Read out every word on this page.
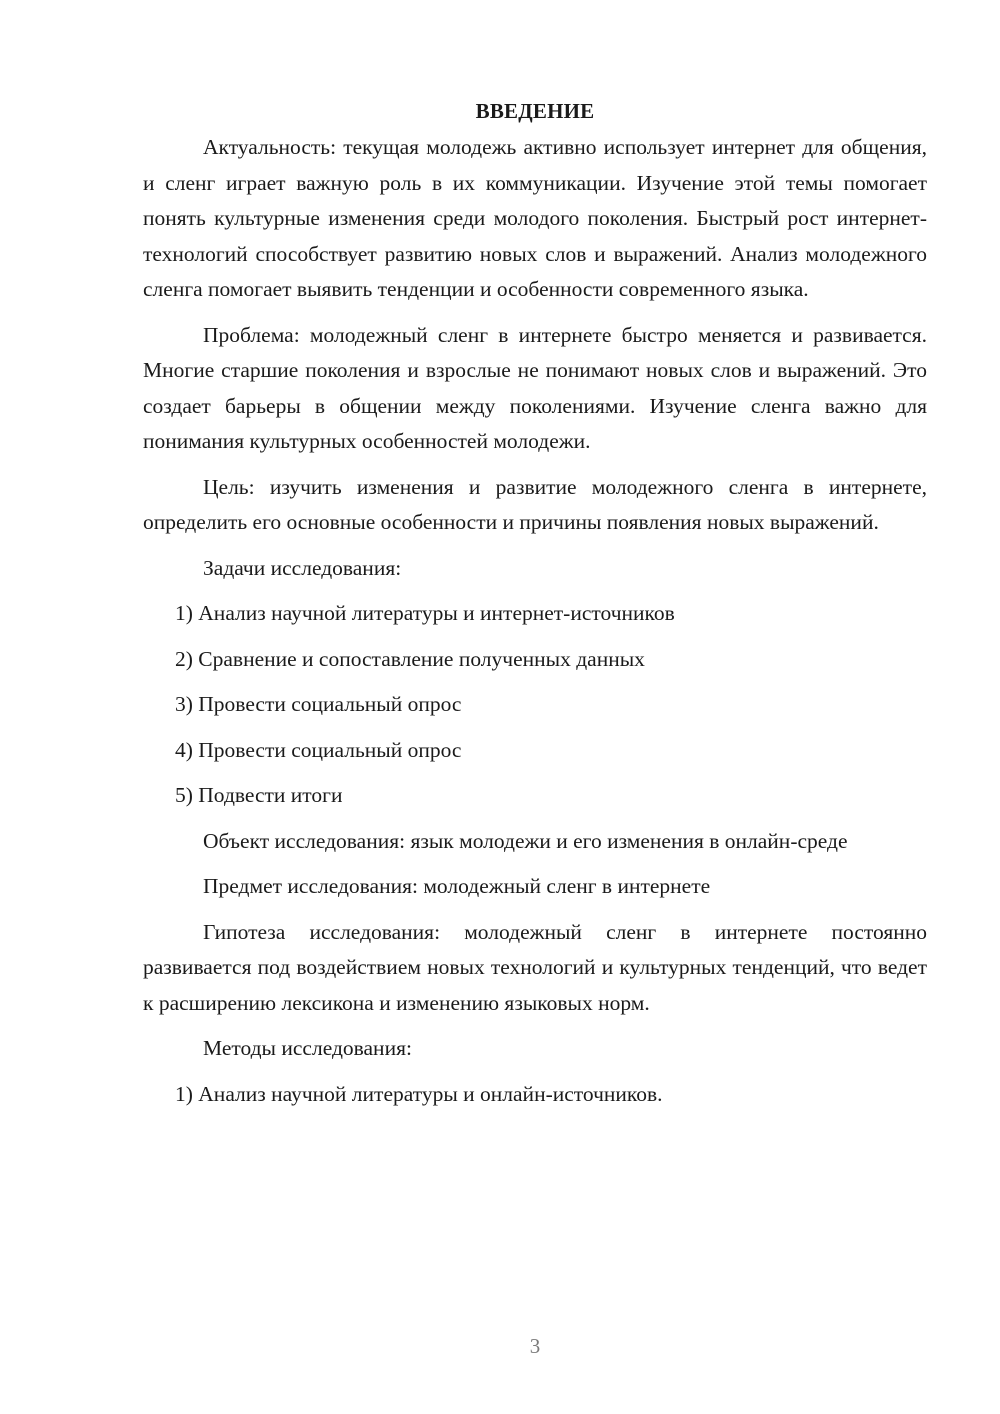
ВВЕДЕНИЕ

Актуальность: текущая молодежь активно использует интернет для общения, и сленг играет важную роль в их коммуникации. Изучение этой темы помогает понять культурные изменения среди молодого поколения. Быстрый рост интернет-технологий способствует развитию новых слов и выражений. Анализ молодежного сленга помогает выявить тенденции и особенности современного языка.

Проблема: молодежный сленг в интернете быстро меняется и развивается. Многие старшие поколения и взрослые не понимают новых слов и выражений. Это создает барьеры в общении между поколениями. Изучение сленга важно для понимания культурных особенностей молодежи.

Цель: изучить изменения и развитие молодежного сленга в интернете, определить его основные особенности и причины появления новых выражений.

Задачи исследования:

1) Анализ научной литературы и интернет-источников
2) Сравнение и сопоставление полученных данных
3) Провести социальный опрос
4) Провести социальный опрос
5) Подвести итоги

Объект исследования: язык молодежи и его изменения в онлайн-среде

Предмет исследования: молодежный сленг в интернете

Гипотеза исследования: молодежный сленг в интернете постоянно развивается под воздействием новых технологий и культурных тенденций, что ведет к расширению лексикона и изменению языковых норм.

Методы исследования:

1) Анализ научной литературы и онлайн-источников.
3
